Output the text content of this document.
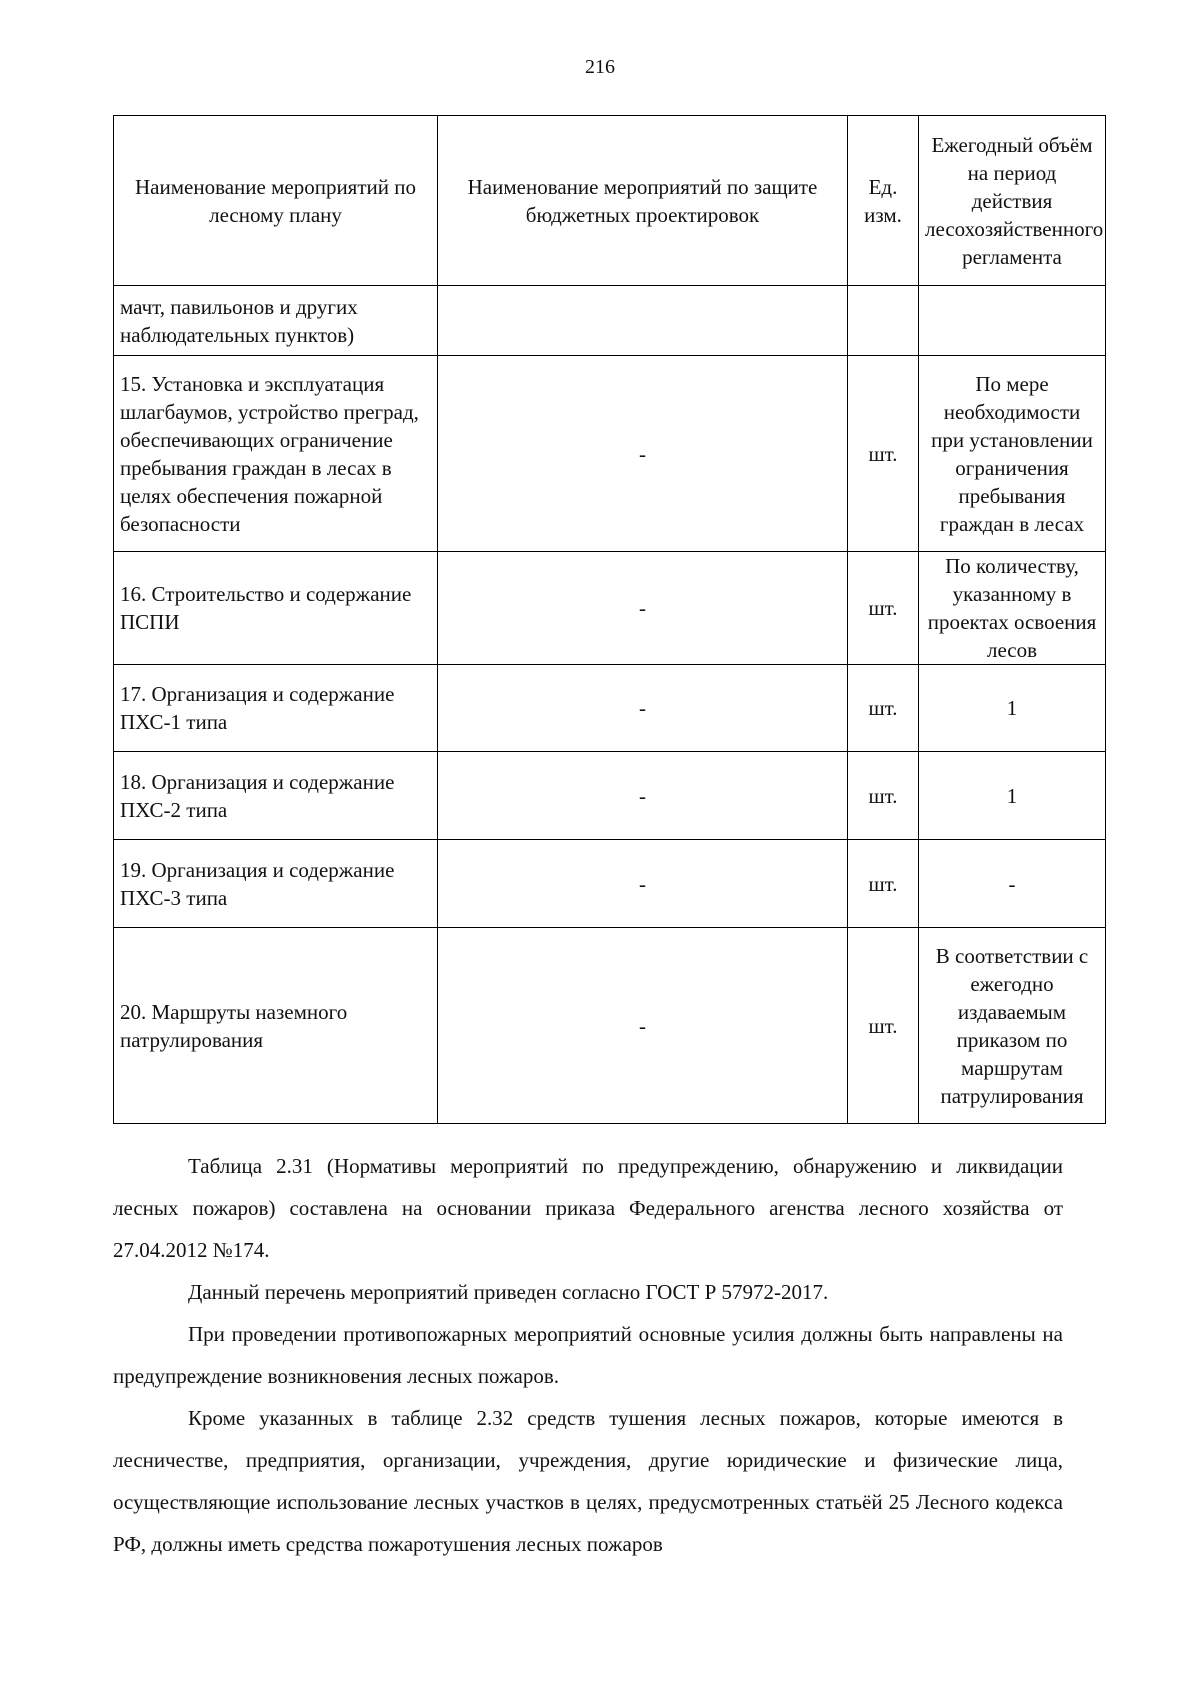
216
Наименование мероприятий по лесному плану	Наименование мероприятий по защите бюджетных проектировок	Ед. изм.	Ежегодный объём на период действия лесохозяйственного регламента
мачт, павильонов и других наблюдательных пунктов)			
15. Установка и эксплуатация шлагбаумов, устройство преград, обеспечивающих ограничение пребывания граждан в лесах в целях обеспечения пожарной безопасности	-	шт.	По мере необходимости при установлении ограничения пребывания граждан в лесах
16. Строительство и содержание ПСПИ	-	шт.	По количеству, указанному в проектах освоения лесов
17. Организация и содержание ПХС-1 типа	-	шт.	1
18. Организация и содержание ПХС-2 типа	-	шт.	1
19. Организация и содержание ПХС-3 типа	-	шт.	-
20. Маршруты наземного патрулирования	-	шт.	В соответствии с ежегодно издаваемым приказом по маршрутам патрулирования

Таблица 2.31 (Нормативы мероприятий по предупреждению, обнаружению и ликвидации лесных пожаров) составлена на основании приказа Федерального агенства лесного хозяйства от 27.04.2012 №174.

Данный перечень мероприятий приведен согласно ГОСТ Р 57972-2017.

При проведении противопожарных мероприятий основные усилия должны быть направлены на предупреждение возникновения лесных пожаров.

Кроме указанных в таблице 2.32 средств тушения лесных пожаров, которые имеются в лесничестве, предприятия, организации, учреждения, другие юридические и физические лица, осуществляющие использование лесных участков в целях, предусмотренных статьёй 25 Лесного кодекса РФ, должны иметь средства пожаротушения лесных пожаров
